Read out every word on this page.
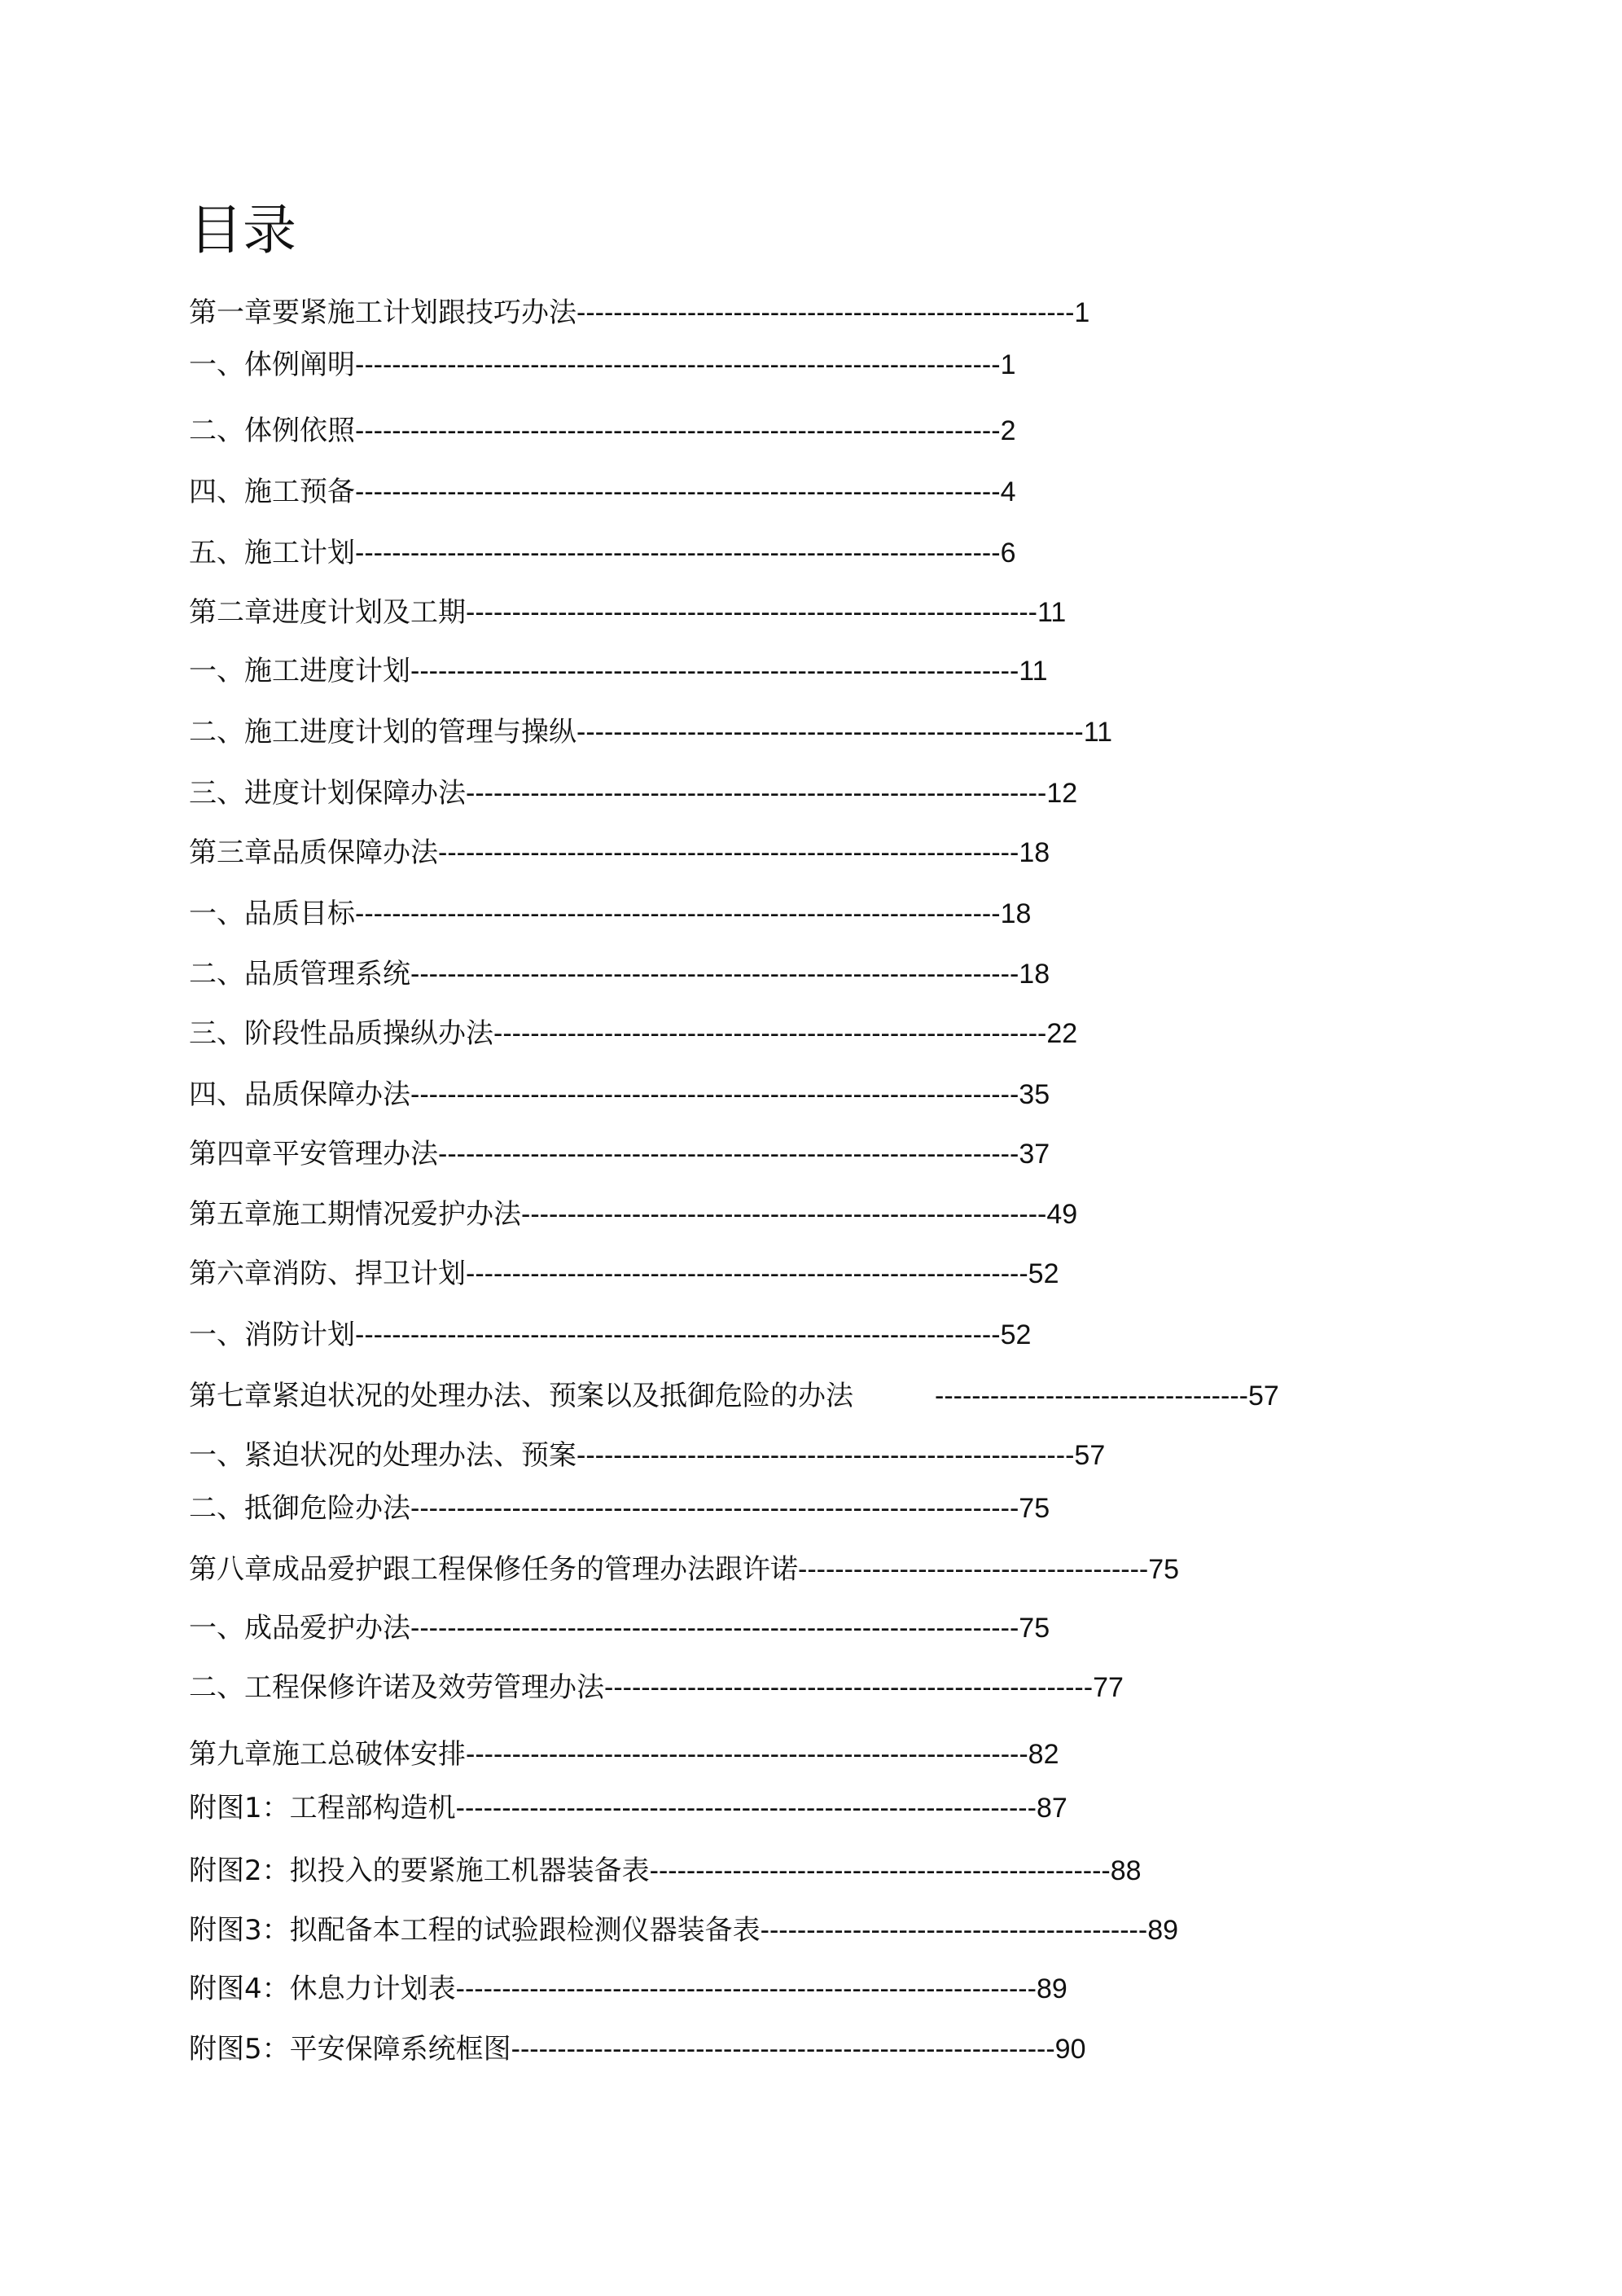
目录
第一章要紧施工计划跟技巧办法 ------------------------------------------------------ 1
一、体例阐明 ---------------------------------------------------------------------- 1
二、体例依照 ---------------------------------------------------------------------- 2
四、施工预备 ---------------------------------------------------------------------- 4
五、施工计划 ---------------------------------------------------------------------- 6
第二章进度计划及工期 -------------------------------------------------------------- 11
一、施工进度计划 ------------------------------------------------------------------ 11
二、施工进度计划的管理与操纵 ------------------------------------------------------- 11
三、进度计划保障办法 --------------------------------------------------------------- 12
第三章品质保障办法 --------------------------------------------------------------- 18
一、品质目标 ---------------------------------------------------------------------- 18
二、品质管理系统 ------------------------------------------------------------------ 18
三、阶段性品质操纵办法 ------------------------------------------------------------ 22
四、品质保障办法 ------------------------------------------------------------------ 35
第四章平安管理办法 --------------------------------------------------------------- 37
第五章施工期情况爱护办法 --------------------------------------------------------- 49
第六章消防、捍卫计划 ------------------------------------------------------------- 52
一、消防计划 ---------------------------------------------------------------------- 52
第七章紧迫状况的处理办法、预案以及抵御危险的办法	---------------------------------- 57
一、紧迫状况的处理办法、预案 ------------------------------------------------------ 57
二、抵御危险办法 ------------------------------------------------------------------ 75
第八章成品爱护跟工程保修任务的管理办法跟许诺 -------------------------------------- 75
一、成品爱护办法 ------------------------------------------------------------------ 75
二、工程保修许诺及效劳管理办法 ----------------------------------------------------- 77
第九章施工总破体安排 ------------------------------------------------------------- 82
附图1：工程部构造机 --------------------------------------------------------------- 87
附图2：拟投入的要紧施工机器装备表 -------------------------------------------------- 88
附图3：拟配备本工程的试验跟检测仪器装备表 ------------------------------------------ 89
附图4：休息力计划表 --------------------------------------------------------------- 89
附图5：平安保障系统框图 ----------------------------------------------------------- 90
